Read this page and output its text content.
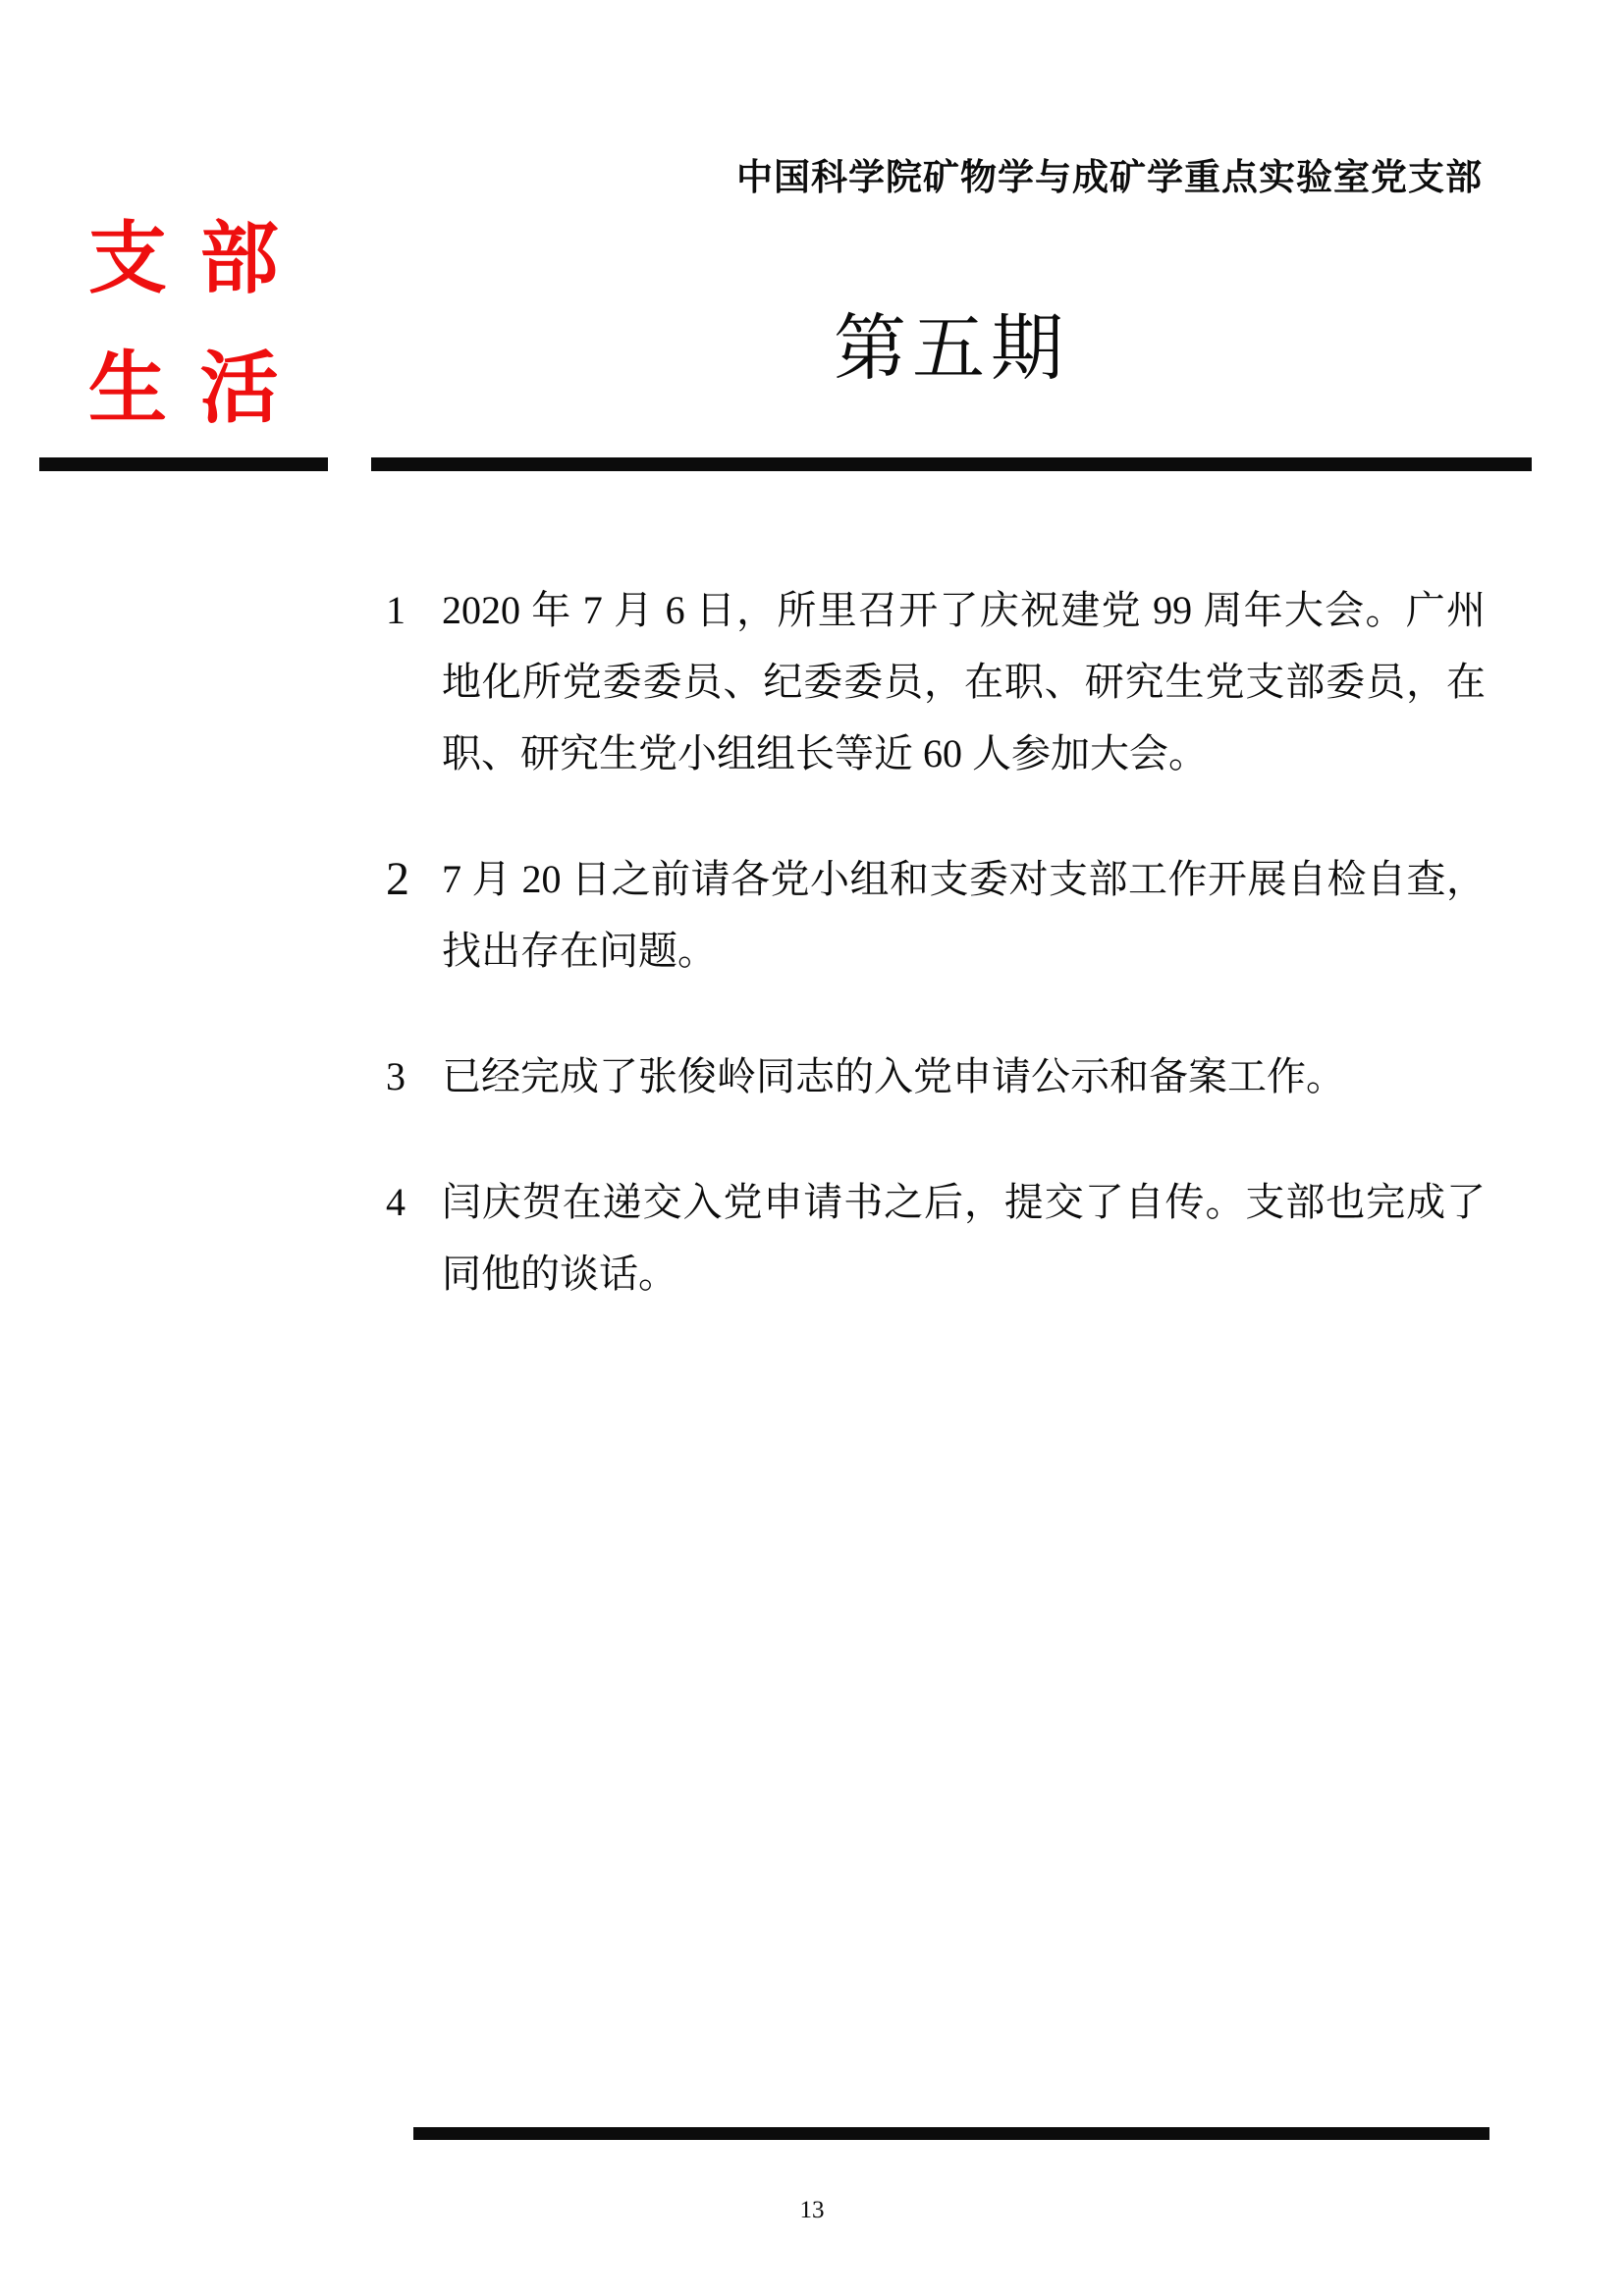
中国科学院矿物学与成矿学重点实验室党支部
支部
生活	第五期
1 2020 年 7 月 6 日，所里召开了庆祝建党 99 周年大会。广州地化所党委委员、纪委委员，在职、研究生党支部委员，在职、研究生党小组组长等近 60 人参加大会。
2 7 月 20 日之前请各党小组和支委对支部工作开展自检自查，找出存在问题。
3 已经完成了张俊岭同志的入党申请公示和备案工作。
4 闫庆贺在递交入党申请书之后，提交了自传。支部也完成了同他的谈话。
13
